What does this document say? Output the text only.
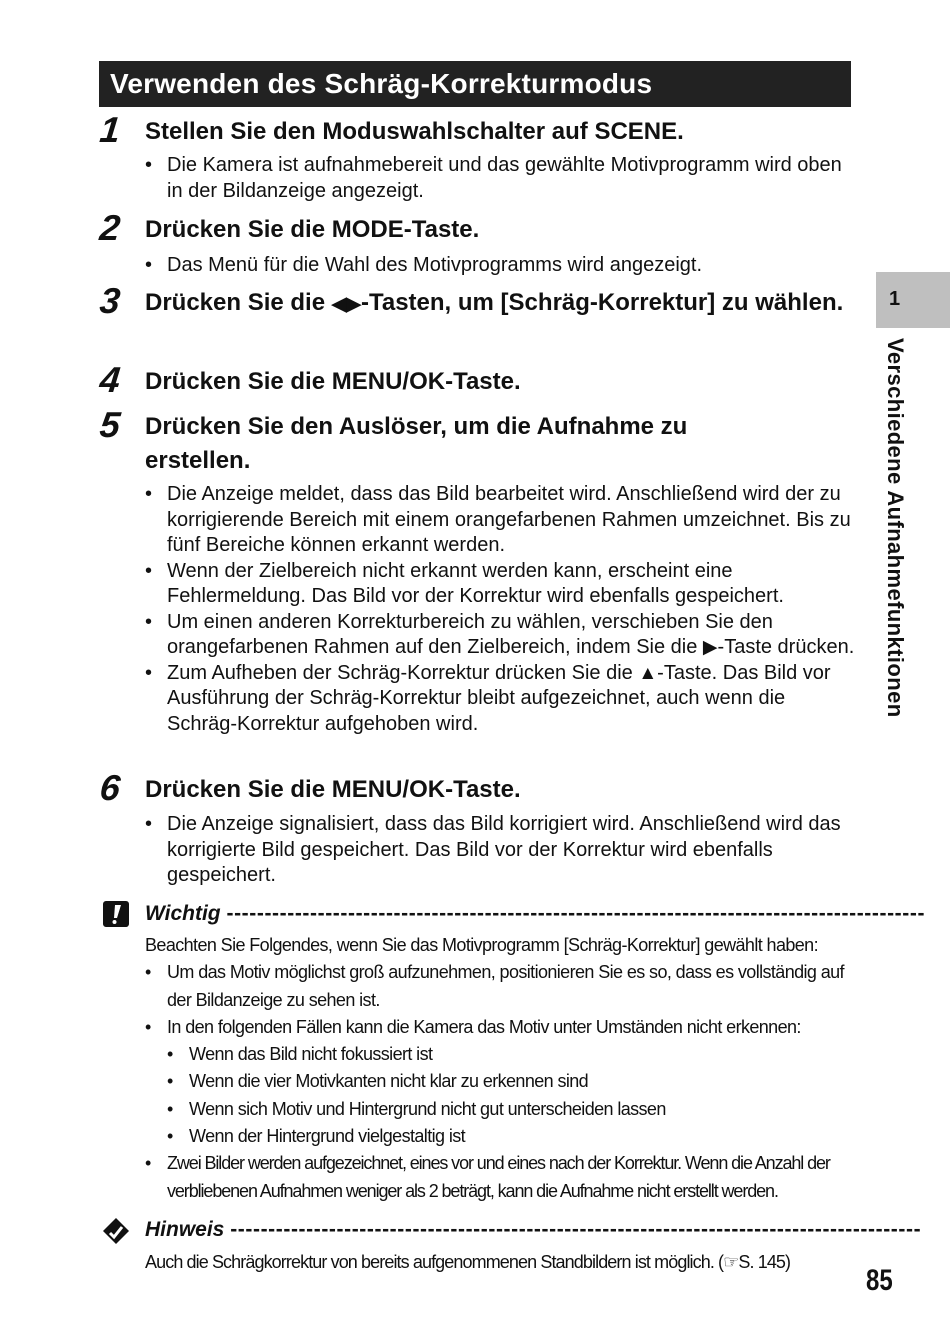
Verwenden des Schräg-Korrekturmodus
1 Stellen Sie den Moduswahlschalter auf SCENE.
• Die Kamera ist aufnahmebereit und das gewählte Motivprogramm wird oben in der Bildanzeige angezeigt.
2 Drücken Sie die MODE-Taste.
• Das Menü für die Wahl des Motivprogramms wird angezeigt.
3 Drücken Sie die ◀▶-Tasten, um [Schräg-Korrektur] zu wählen.
4 Drücken Sie die MENU/OK-Taste.
5 Drücken Sie den Auslöser, um die Aufnahme zu erstellen.
• Die Anzeige meldet, dass das Bild bearbeitet wird. Anschließend wird der zu korrigierende Bereich mit einem orangefarbenen Rahmen umzeichnet. Bis zu fünf Bereiche können erkannt werden.
• Wenn der Zielbereich nicht erkannt werden kann, erscheint eine Fehlermeldung. Das Bild vor der Korrektur wird ebenfalls gespeichert.
• Um einen anderen Korrekturbereich zu wählen, verschieben Sie den orangefarbenen Rahmen auf den Zielbereich, indem Sie die ▶-Taste drücken.
• Zum Aufheben der Schräg-Korrektur drücken Sie die ▲-Taste. Das Bild vor Ausführung der Schräg-Korrektur bleibt aufgezeichnet, auch wenn die Schräg-Korrektur aufgehoben wird.
6 Drücken Sie die MENU/OK-Taste.
• Die Anzeige signalisiert, dass das Bild korrigiert wird. Anschließend wird das korrigierte Bild gespeichert. Das Bild vor der Korrektur wird ebenfalls gespeichert.
1
Verschiedene Aufnahmefunktionen
Wichtig --------------------------------------------------------------------------------------------
Beachten Sie Folgendes, wenn Sie das Motivprogramm [Schräg-Korrektur] gewählt haben:
• Um das Motiv möglichst groß aufzunehmen, positionieren Sie es so, dass es vollständig auf der Bildanzeige zu sehen ist.
• In den folgenden Fällen kann die Kamera das Motiv unter Umständen nicht erkennen:
• Wenn das Bild nicht fokussiert ist
• Wenn die vier Motivkanten nicht klar zu erkennen sind
• Wenn sich Motiv und Hintergrund nicht gut unterscheiden lassen
• Wenn der Hintergrund vielgestaltig ist
• Zwei Bilder werden aufgezeichnet, eines vor und eines nach der Korrektur. Wenn die Anzahl der verbliebenen Aufnahmen weniger als 2 beträgt, kann die Aufnahme nicht erstellt werden.
Hinweis -------------------------------------------------------------------------------------------
Auch die Schrägkorrektur von bereits aufgenommenen Standbildern ist möglich. (☞S. 145)
85
